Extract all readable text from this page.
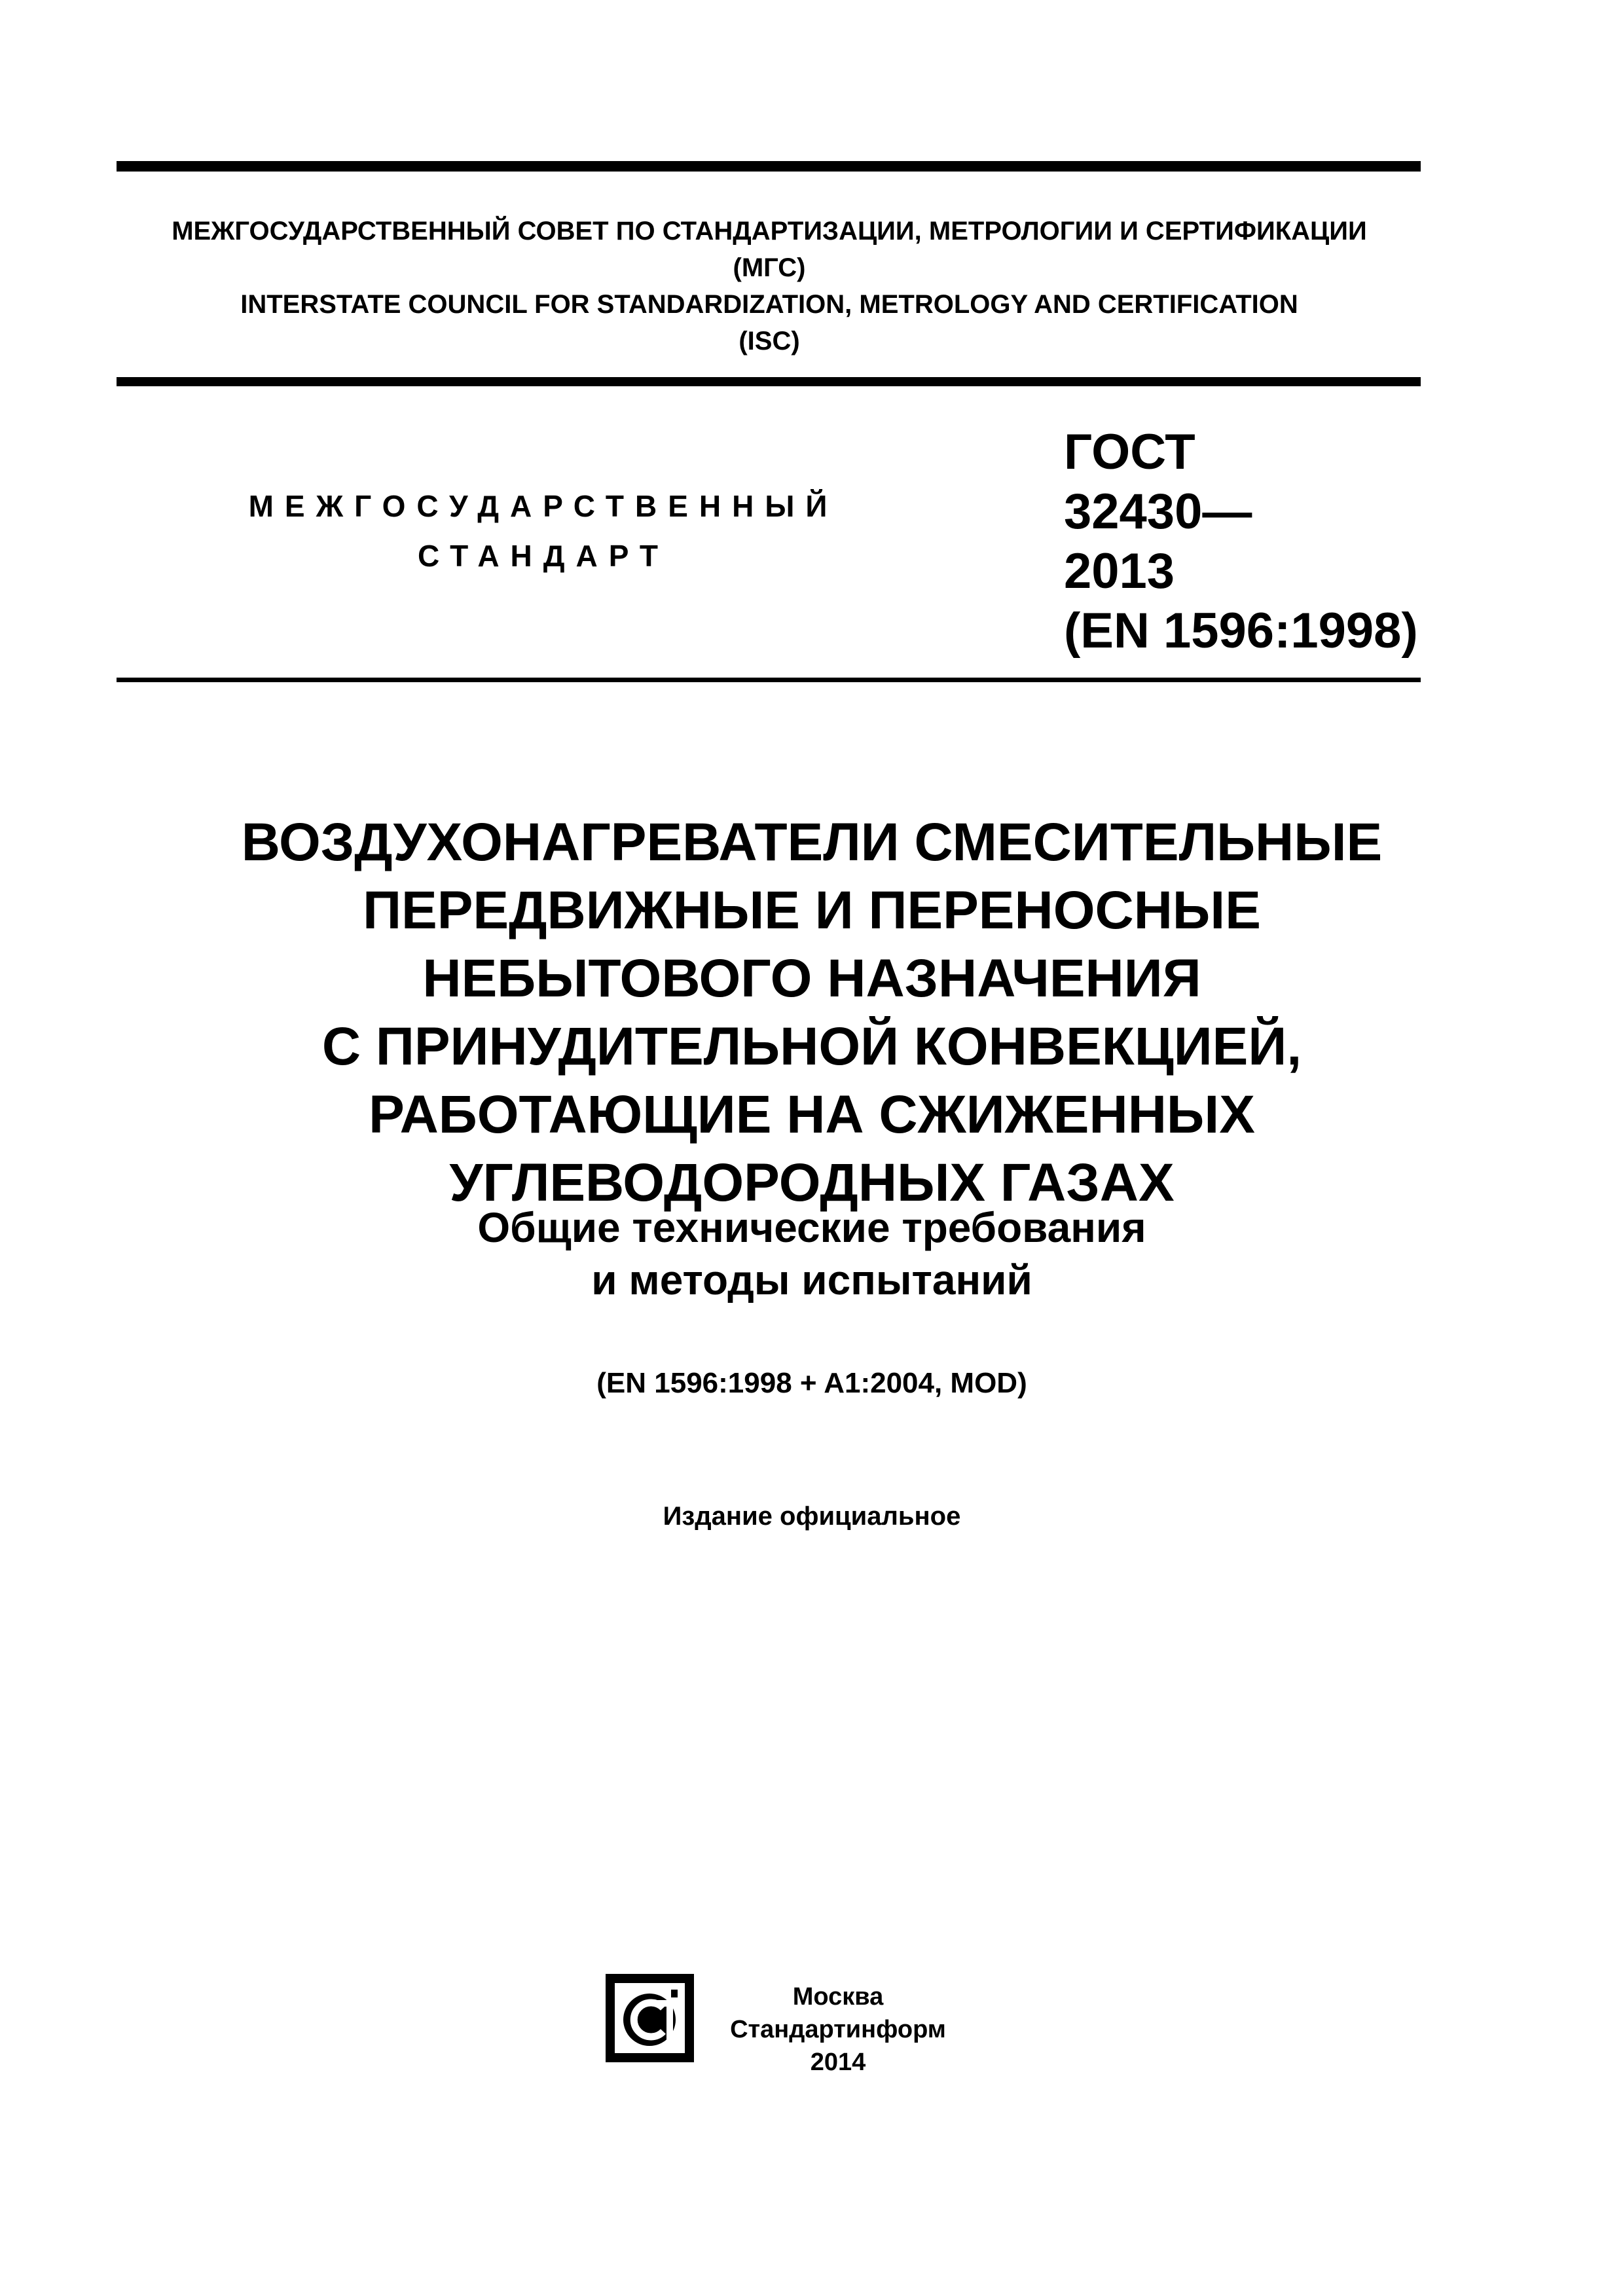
МЕЖГОСУДАРСТВЕННЫЙ СОВЕТ ПО СТАНДАРТИЗАЦИИ, МЕТРОЛОГИИ И СЕРТИФИКАЦИИ
(МГС)
INTERSTATE COUNCIL FOR STANDARDIZATION, METROLOGY AND CERTIFICATION
(ISC)
МЕЖГОСУДАРСТВЕННЫЙ
СТАНДАРТ
ГОСТ
32430—
2013
(EN 1596:1998)
ВОЗДУХОНАГРЕВАТЕЛИ СМЕСИТЕЛЬНЫЕ
ПЕРЕДВИЖНЫЕ И ПЕРЕНОСНЫЕ
НЕБЫТОВОГО НАЗНАЧЕНИЯ
С ПРИНУДИТЕЛЬНОЙ КОНВЕКЦИЕЙ,
РАБОТАЮЩИЕ НА СЖИЖЕННЫХ
УГЛЕВОДОРОДНЫХ ГАЗАХ
Общие технические требования
и методы испытаний
(EN 1596:1998 + A1:2004, MOD)
Издание официальное
Москва
Стандартинформ
2014
